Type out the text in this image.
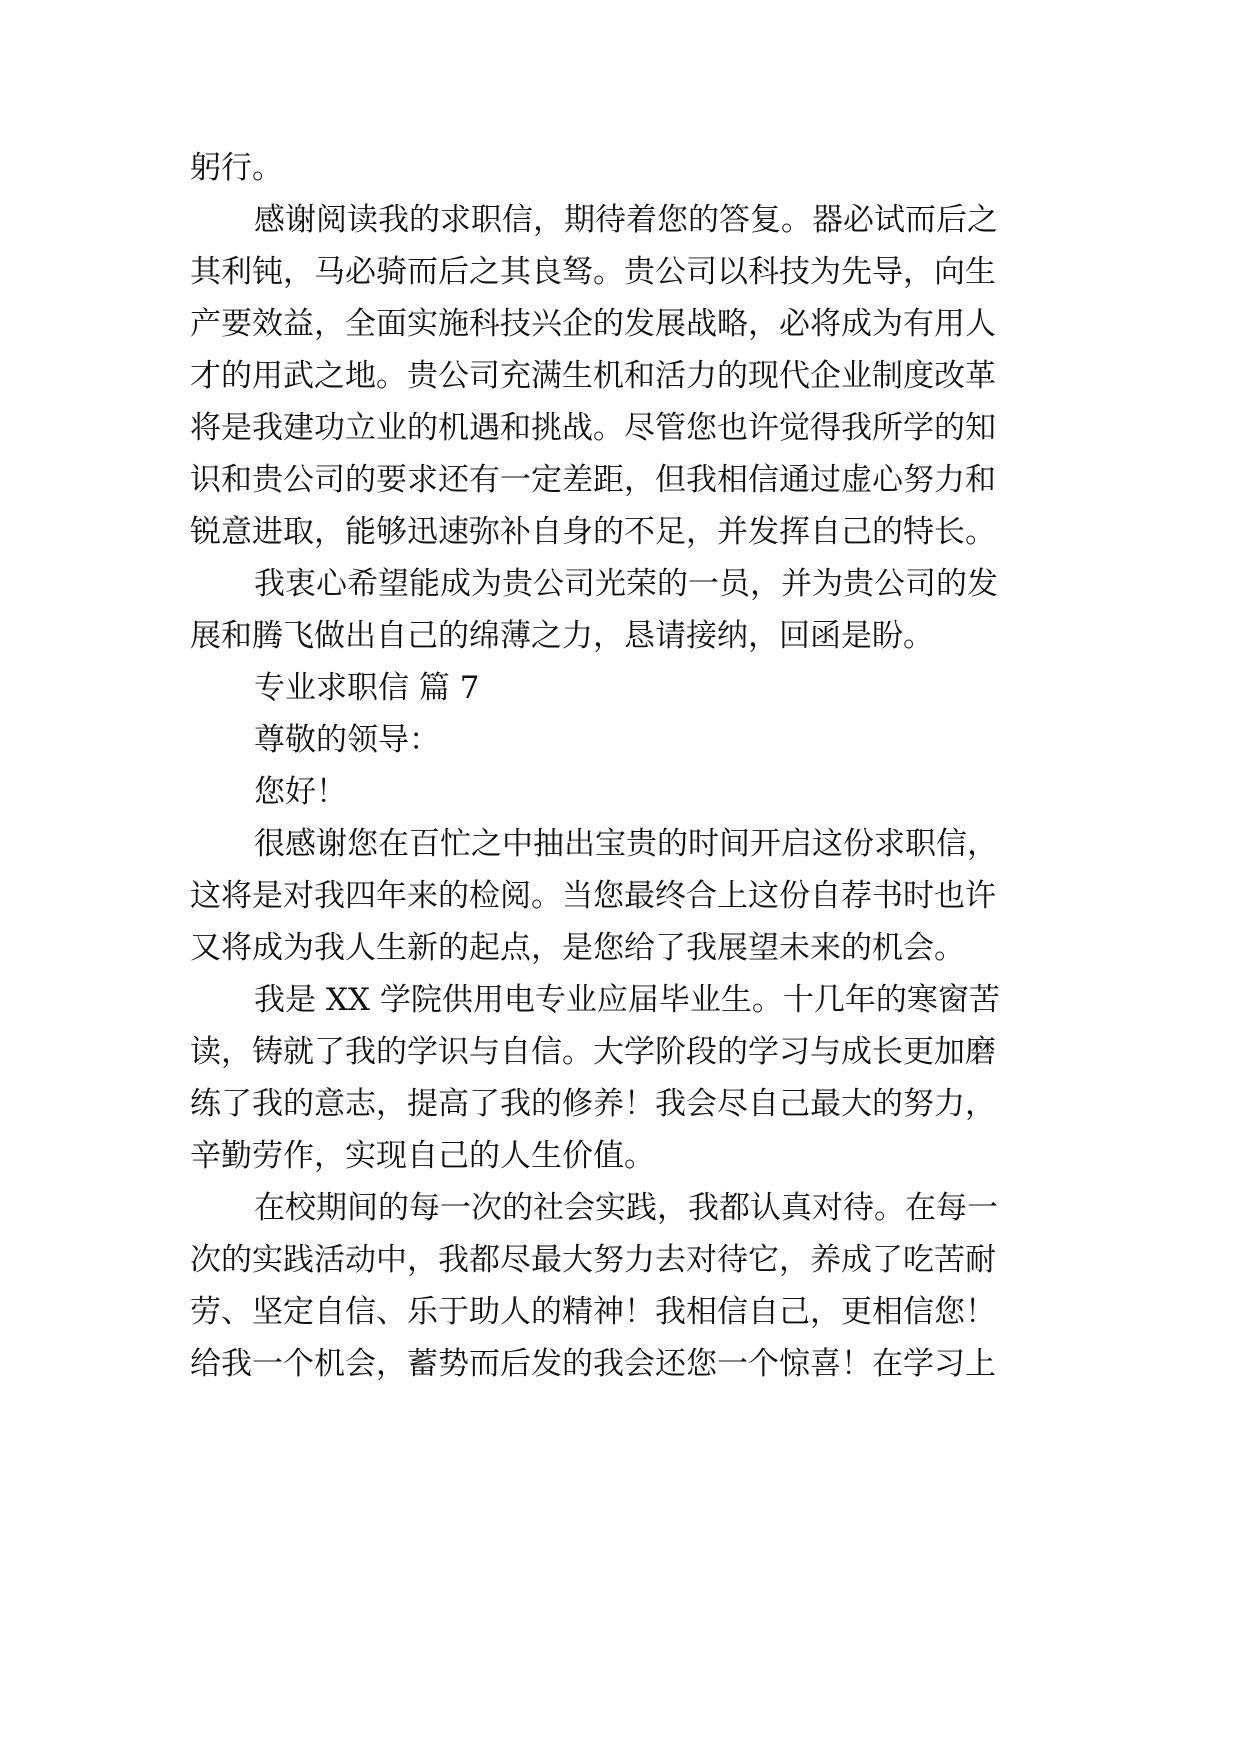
躬行。

感谢阅读我的求职信，期待着您的答复。器必试而后之

其利钝，马必骑而后之其良驽。贵公司以科技为先导，向生

产要效益，全面实施科技兴企的发展战略，必将成为有用人

才的用武之地。贵公司充满生机和活力的现代企业制度改革

将是我建功立业的机遇和挑战。尽管您也许觉得我所学的知

识和贵公司的要求还有一定差距，但我相信通过虚心努力和

锐意进取，能够迅速弥补自身的不足，并发挥自己的特长。

我衷心希望能成为贵公司光荣的一员，并为贵公司的发

展和腾飞做出自己的绵薄之力，恳请接纳，回函是盼。

专业求职信 篇 7

尊敬的领导：

您好！

很感谢您在百忙之中抽出宝贵的时间开启这份求职信，

这将是对我四年来的检阅。当您最终合上这份自荐书时也许

又将成为我人生新的起点，是您给了我展望未来的机会。

我是 XX 学院供用电专业应届毕业生。十几年的寒窗苦

读，铸就了我的学识与自信。大学阶段的学习与成长更加磨

练了我的意志，提高了我的修养！我会尽自己最大的努力，

辛勤劳作，实现自己的人生价值。

在校期间的每一次的社会实践，我都认真对待。在每一

次的实践活动中，我都尽最大努力去对待它，养成了吃苦耐

劳、坚定自信、乐于助人的精神！我相信自己，更相信您！

给我一个机会，蓄势而后发的我会还您一个惊喜！在学习上
